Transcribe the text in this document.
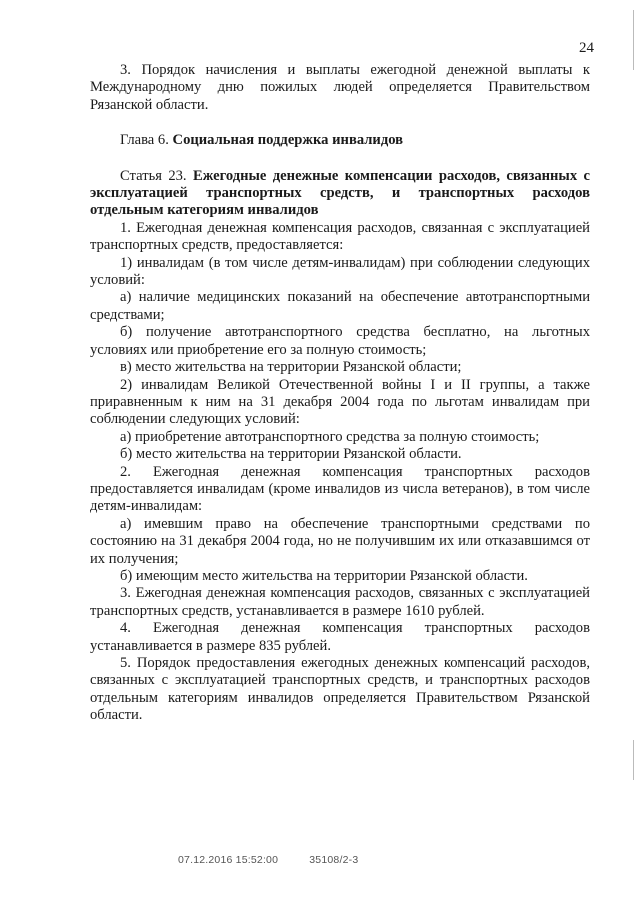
24

3. Порядок начисления и выплаты ежегодной денежной выплаты к Международному дню пожилых людей определяется Правительством Рязанской области.

Глава 6. Социальная поддержка инвалидов

Статья 23. Ежегодные денежные компенсации расходов, связанных с эксплуатацией транспортных средств, и транспортных расходов отдельным категориям инвалидов

1. Ежегодная денежная компенсация расходов, связанная с эксплуатацией транспортных средств, предоставляется:

1) инвалидам (в том числе детям-инвалидам) при соблюдении следующих условий:

а) наличие медицинских показаний на обеспечение автотранспортными средствами;

б) получение автотранспортного средства бесплатно, на льготных условиях или приобретение его за полную стоимость;

в) место жительства на территории Рязанской области;

2) инвалидам Великой Отечественной войны I и II группы, а также приравненным к ним на 31 декабря 2004 года по льготам инвалидам при соблюдении следующих условий:

а) приобретение автотранспортного средства за полную стоимость;

б) место жительства на территории Рязанской области.

2. Ежегодная денежная компенсация транспортных расходов предоставляется инвалидам (кроме инвалидов из числа ветеранов), в том числе детям-инвалидам:

а) имевшим право на обеспечение транспортными средствами по состоянию на 31 декабря 2004 года, но не получившим их или отказавшимся от их получения;

б) имеющим место жительства на территории Рязанской области.

3. Ежегодная денежная компенсация расходов, связанных с эксплуатацией транспортных средств, устанавливается в размере 1610 рублей.

4. Ежегодная денежная компенсация транспортных расходов устанавливается в размере 835 рублей.

5. Порядок предоставления ежегодных денежных компенсаций расходов, связанных с эксплуатацией транспортных средств, и транспортных расходов отдельным категориям инвалидов определяется Правительством Рязанской области.

07.12.2016 15:52:00	35108/2-3
